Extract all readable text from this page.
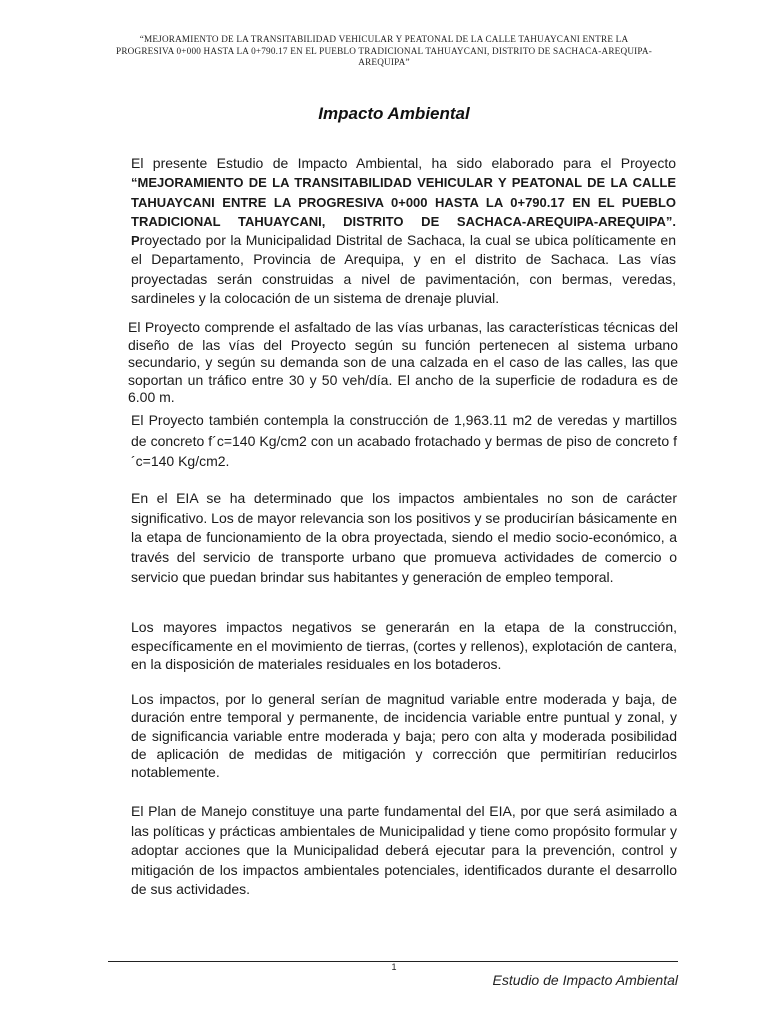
“MEJORAMIENTO DE LA TRANSITABILIDAD VEHICULAR Y PEATONAL DE LA CALLE TAHUAYCANI ENTRE LA PROGRESIVA 0+000 HASTA LA 0+790.17 EN EL PUEBLO TRADICIONAL TAHUAYCANI, DISTRITO DE SACHACA-AREQUIPA-AREQUIPA”
Impacto Ambiental
El presente Estudio de Impacto Ambiental, ha sido elaborado para el Proyecto “MEJORAMIENTO DE LA TRANSITABILIDAD VEHICULAR Y PEATONAL DE LA CALLE TAHUAYCANI ENTRE LA PROGRESIVA 0+000 HASTA LA 0+790.17 EN EL PUEBLO TRADICIONAL TAHUAYCANI, DISTRITO DE SACHACA-AREQUIPA-AREQUIPA”. Proyectado por la Municipalidad Distrital de Sachaca, la cual se ubica políticamente en el Departamento, Provincia de Arequipa, y en el distrito de Sachaca. Las vías proyectadas serán construidas a nivel de pavimentación, con bermas, veredas, sardineles y la colocación de un sistema de drenaje pluvial.
El Proyecto comprende el asfaltado de las vías urbanas, las características técnicas del diseño de las vías del Proyecto según su función pertenecen al sistema urbano secundario, y según su demanda son de una calzada en el caso de las calles, las que soportan un tráfico entre 30 y 50 veh/día. El ancho de la superficie de rodadura es de 6.00 m.
El Proyecto también contempla la construcción de 1,963.11 m2 de veredas y martillos de concreto f´c=140 Kg/cm2 con un acabado frotachado y bermas de piso de concreto f´c=140 Kg/cm2.
En el EIA se ha determinado que los impactos ambientales no son de carácter significativo. Los de mayor relevancia son los positivos y se producirían básicamente en la etapa de funcionamiento de la obra proyectada, siendo el medio socio-económico, a través del servicio de transporte urbano que promueva actividades de comercio o servicio que puedan brindar sus habitantes y generación de empleo temporal.
Los mayores impactos negativos se generarán en la etapa de la construcción, específicamente en el movimiento de tierras, (cortes y rellenos), explotación de cantera, en la disposición de materiales residuales en los botaderos.
Los impactos, por lo general serían de magnitud variable entre moderada y baja, de duración entre temporal y permanente, de incidencia variable entre puntual y zonal, y de significancia variable entre moderada y baja; pero con alta y moderada posibilidad de aplicación de medidas de mitigación y corrección que permitirían reducirlos notablemente.
El Plan de Manejo constituye una parte fundamental del EIA, por que será asimilado a las políticas y prácticas ambientales de Municipalidad y tiene como propósito formular y adoptar acciones que la Municipalidad deberá ejecutar para la prevención, control y mitigación de los impactos ambientales potenciales, identificados durante el desarrollo de sus actividades.
1
Estudio de Impacto Ambiental
